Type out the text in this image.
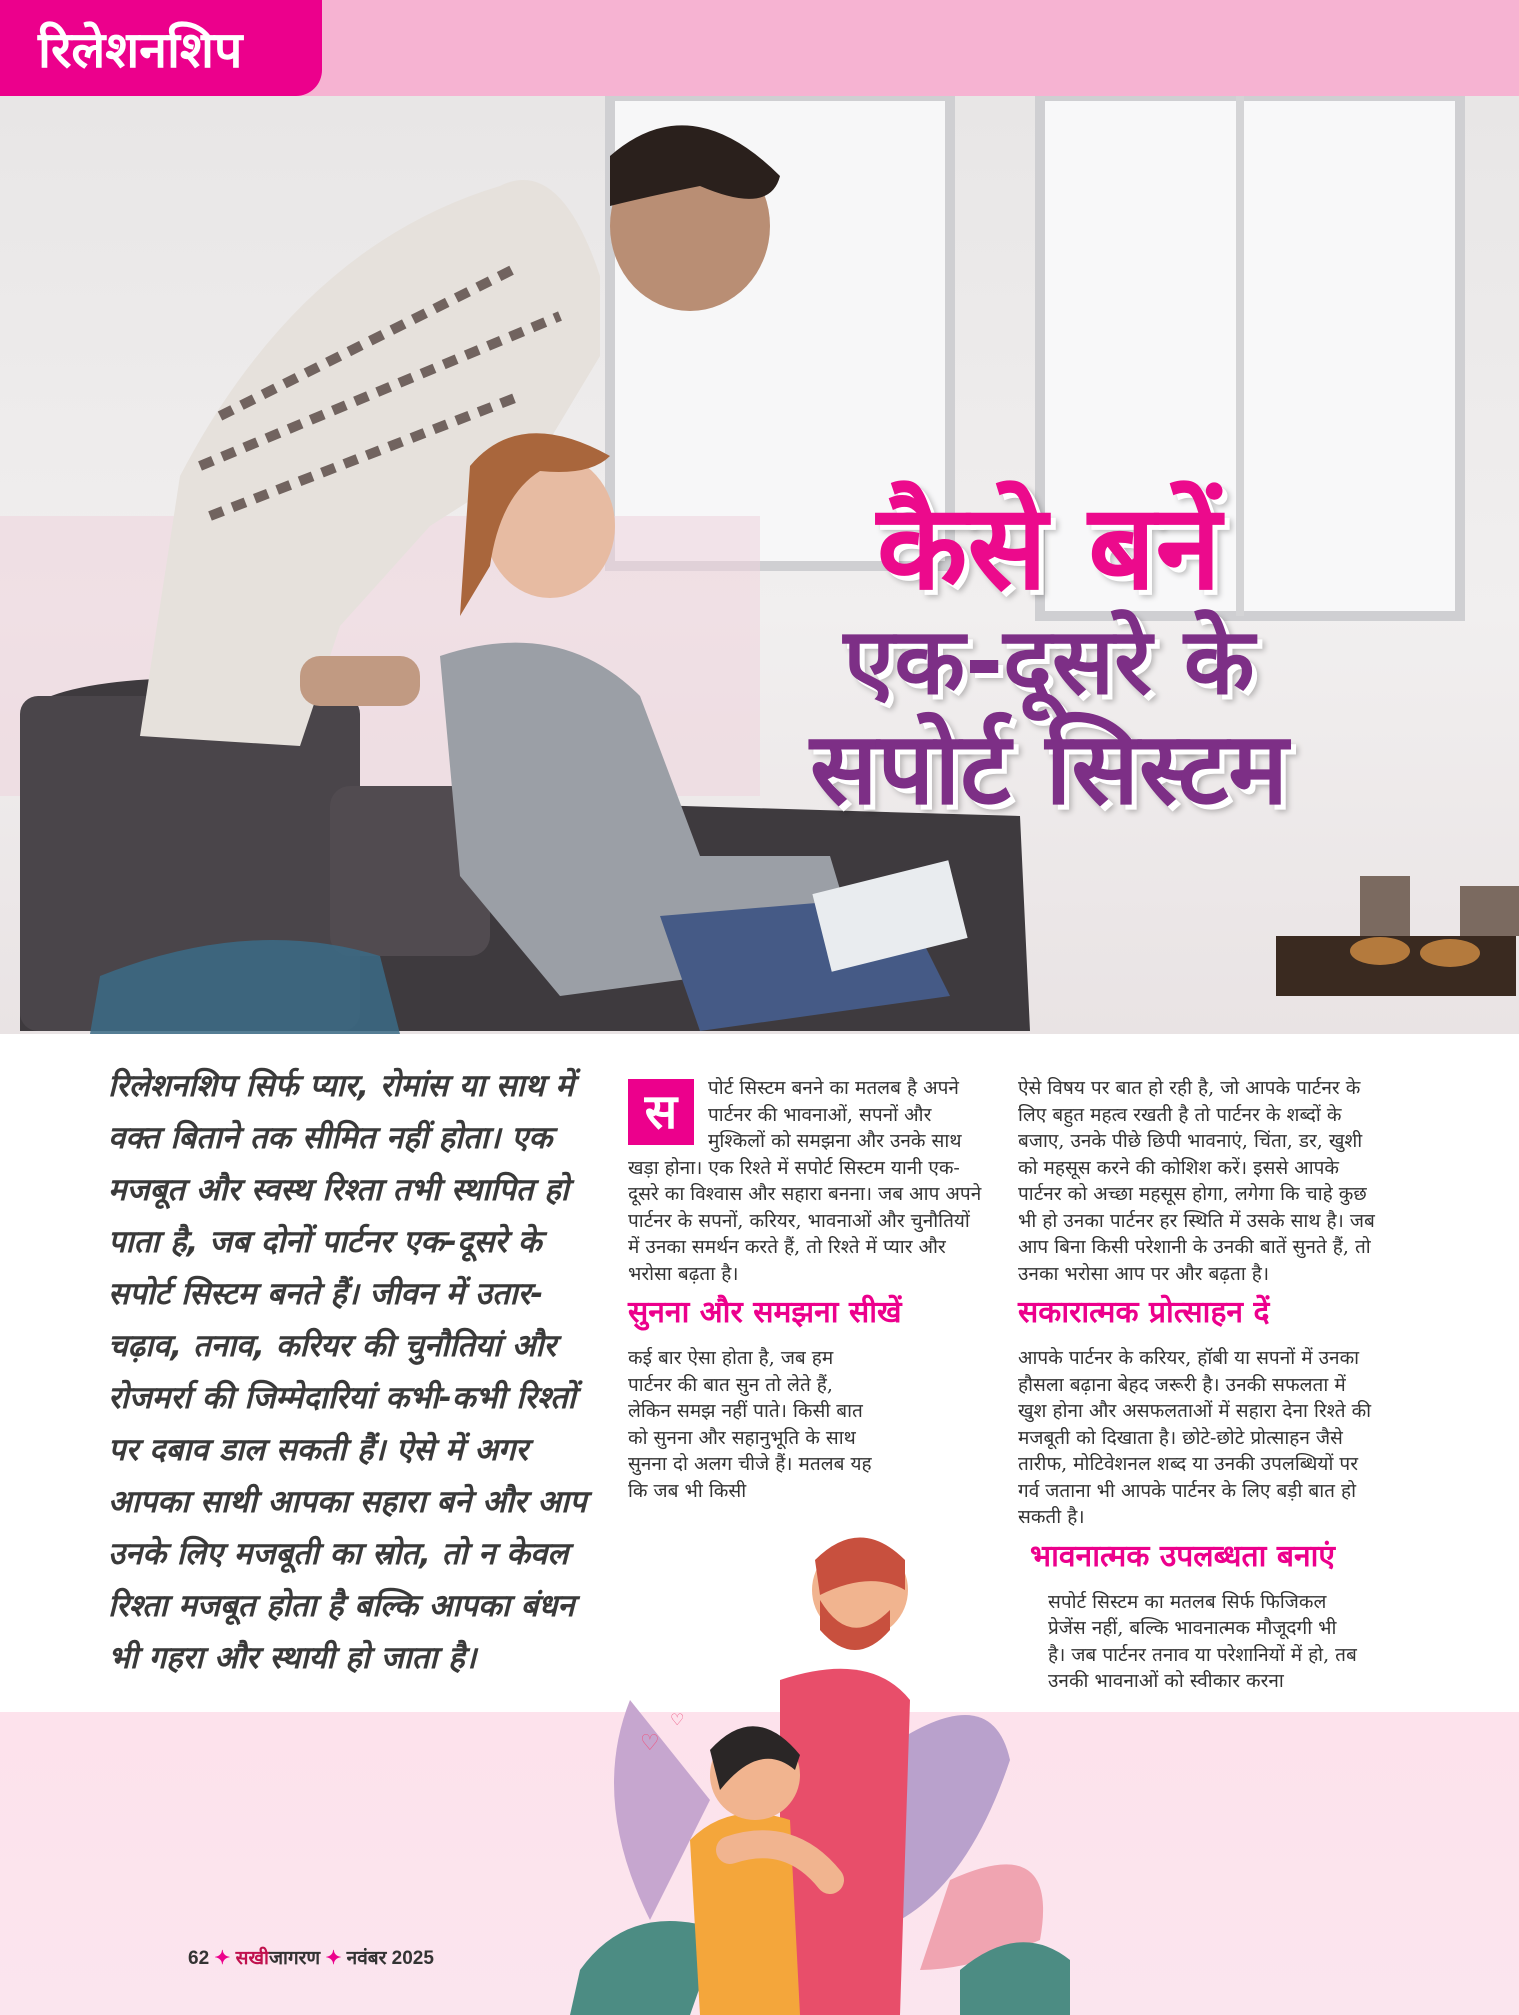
रिलेशनशिप
कैसे बनें
एक-दूसरे के
सपोर्ट सिस्टम
रिलेशनशिप सिर्फ प्यार, रोमांस या साथ में वक्त बिताने तक सीमित नहीं होता। एक मजबूत और स्वस्थ रिश्ता तभी स्थापित हो पाता है, जब दोनों पार्टनर एक-दूसरे के सपोर्ट सिस्टम बनते हैं। जीवन में उतार-चढ़ाव, तनाव, करियर की चुनौतियां और रोजमर्रा की जिम्मेदारियां कभी-कभी रिश्तों पर दबाव डाल सकती हैं। ऐसे में अगर आपका साथी आपका सहारा बने और आप उनके लिए मजबूती का स्रोत, तो न केवल रिश्ता मजबूत होता है बल्कि आपका बंधन भी गहरा और स्थायी हो जाता है।
स	पोर्ट सिस्टम बनने का मतलब है अपने पार्टनर की भावनाओं, सपनों और मुश्किलों को समझना और उनके साथ खड़ा होना। एक रिश्ते में सपोर्ट सिस्टम यानी एक-दूसरे का विश्वास और सहारा बनना। जब आप अपने पार्टनर के सपनों, करियर, भावनाओं और चुनौतियों में उनका समर्थन करते हैं, तो रिश्ते में प्यार और भरोसा बढ़ता है।

सुनना और समझना सीखें

कई बार ऐसा होता है, जब हम पार्टनर की बात सुन तो लेते हैं, लेकिन समझ नहीं पाते। किसी बात को सुनना और सहानुभूति के साथ सुनना दो अलग चीजे हैं। मतलब यह कि जब भी किसी

ऐसे विषय पर बात हो रही है, जो आपके पार्टनर के लिए बहुत महत्व रखती है तो पार्टनर के शब्दों के बजाए, उनके पीछे छिपी भावनाएं, चिंता, डर, खुशी को महसूस करने की कोशिश करें। इससे आपके पार्टनर को अच्छा महसूस होगा, लगेगा कि चाहे कुछ भी हो उनका पार्टनर हर स्थिति में उसके साथ है। जब आप बिना किसी परेशानी के उनकी बातें सुनते हैं, तो उनका भरोसा आप पर और बढ़ता है।

सकारात्मक प्रोत्साहन दें

आपके पार्टनर के करियर, हॉबी या सपनों में उनका हौसला बढ़ाना बेहद जरूरी है। उनकी सफलता में खुश होना और असफलताओं में सहारा देना रिश्ते की मजबूती को दिखाता है। छोटे-छोटे प्रोत्साहन जैसे तारीफ, मोटिवेशनल शब्द या उनकी उपलब्धियों पर गर्व जताना भी आपके पार्टनर के लिए बड़ी बात हो सकती है।

भावनात्मक उपलब्धता बनाएं

सपोर्ट सिस्टम का मतलब सिर्फ फिजिकल प्रेजेंस नहीं, बल्कि भावनात्मक मौजूदगी भी है। जब पार्टनर तनाव या परेशानियों में हो, तब उनकी भावनाओं को स्वीकार करना

♡
♡
62 ✦ सखीजागरण ✦ नवंबर 2025
